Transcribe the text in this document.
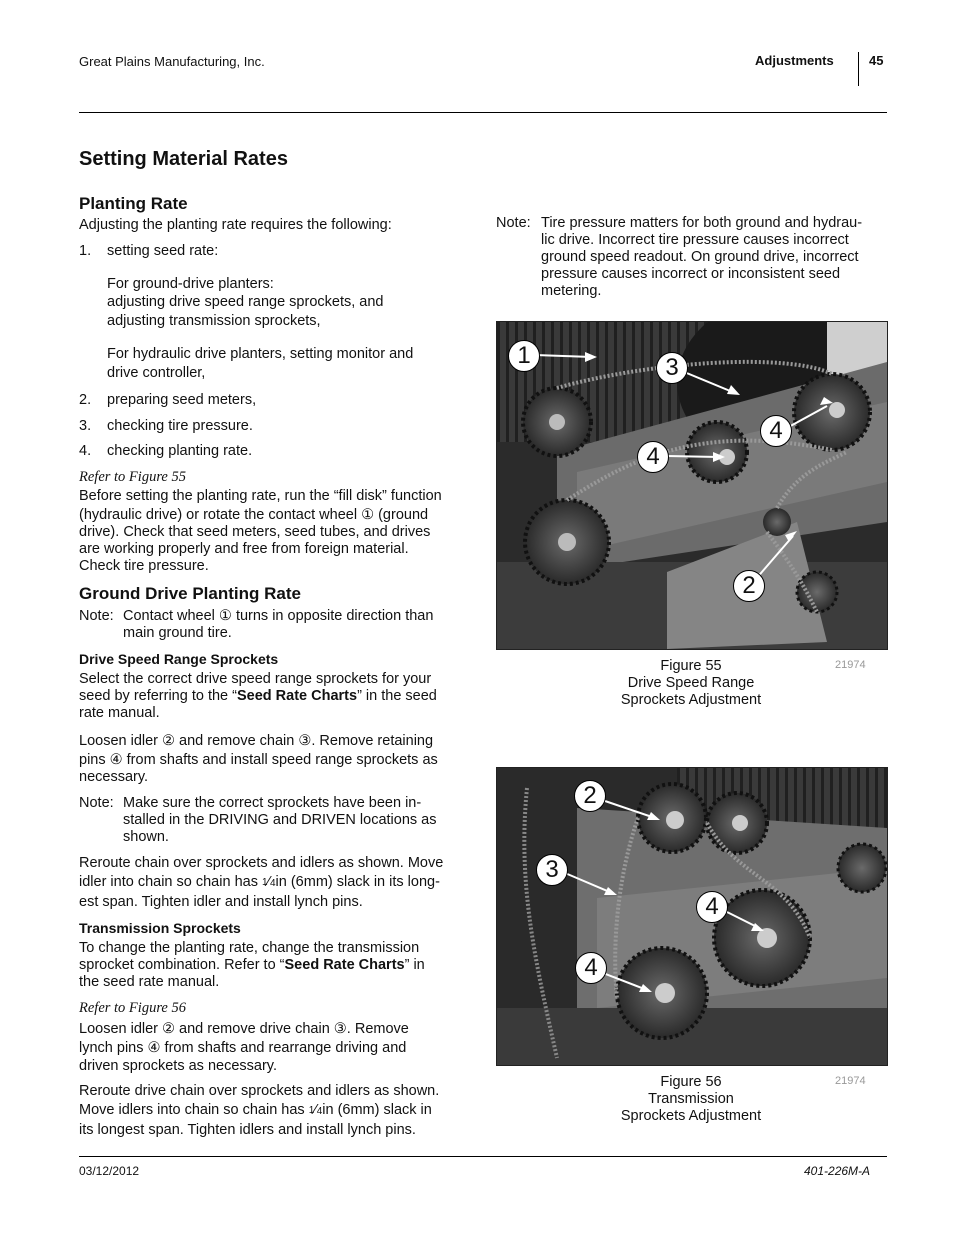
Great Plains Manufacturing, Inc.	Adjustments	45
Setting Material Rates
Planting Rate
Adjusting the planting rate requires the following:
1. setting seed rate:
For ground-drive planters:
adjusting drive speed range sprockets, and
adjusting transmission sprockets,
For hydraulic drive planters, setting monitor and
drive controller,
2. preparing seed meters,
3. checking tire pressure.
4. checking planting rate.
Refer to Figure 55
Before setting the planting rate, run the “fill disk” function
(hydraulic drive) or rotate the contact wheel ① (ground
drive). Check that seed meters, seed tubes, and drives
are working properly and free from foreign material.
Check tire pressure.
Ground Drive Planting Rate
Note: Contact wheel ① turns in opposite direction than
main ground tire.
Drive Speed Range Sprockets
Select the correct drive speed range sprockets for your
seed by referring to the “Seed Rate Charts” in the seed
rate manual.
Loosen idler ② and remove chain ③. Remove retaining
pins ④ from shafts and install speed range sprockets as
necessary.
Note: Make sure the correct sprockets have been in-
stalled in the DRIVING and DRIVEN locations as
shown.
Reroute chain over sprockets and idlers as shown. Move
idler into chain so chain has $^1$⁄4in (6mm) slack in its long-
est span. Tighten idler and install lynch pins.
Transmission Sprockets
To change the planting rate, change the transmission
sprocket combination. Refer to “Seed Rate Charts” in
the seed rate manual.
Refer to Figure 56
Loosen idler ② and remove drive chain ③. Remove
lynch pins ④ from shafts and rearrange driving and
driven sprockets as necessary.
Reroute drive chain over sprockets and idlers as shown.
Move idlers into chain so chain has $^1$⁄4in (6mm) slack in
its longest span. Tighten idlers and install lynch pins.
Note: Tire pressure matters for both ground and hydrau-
lic drive. Incorrect tire pressure causes incorrect
ground speed readout. On ground drive, incorrect
pressure causes incorrect or inconsistent seed
metering.
1	3
4
4
2
Figure 55
Drive Speed Range
Sprockets Adjustment
21974
2
3
4
4
Figure 56
Transmission
Sprockets Adjustment
21974
03/12/2012	401-226M-A
